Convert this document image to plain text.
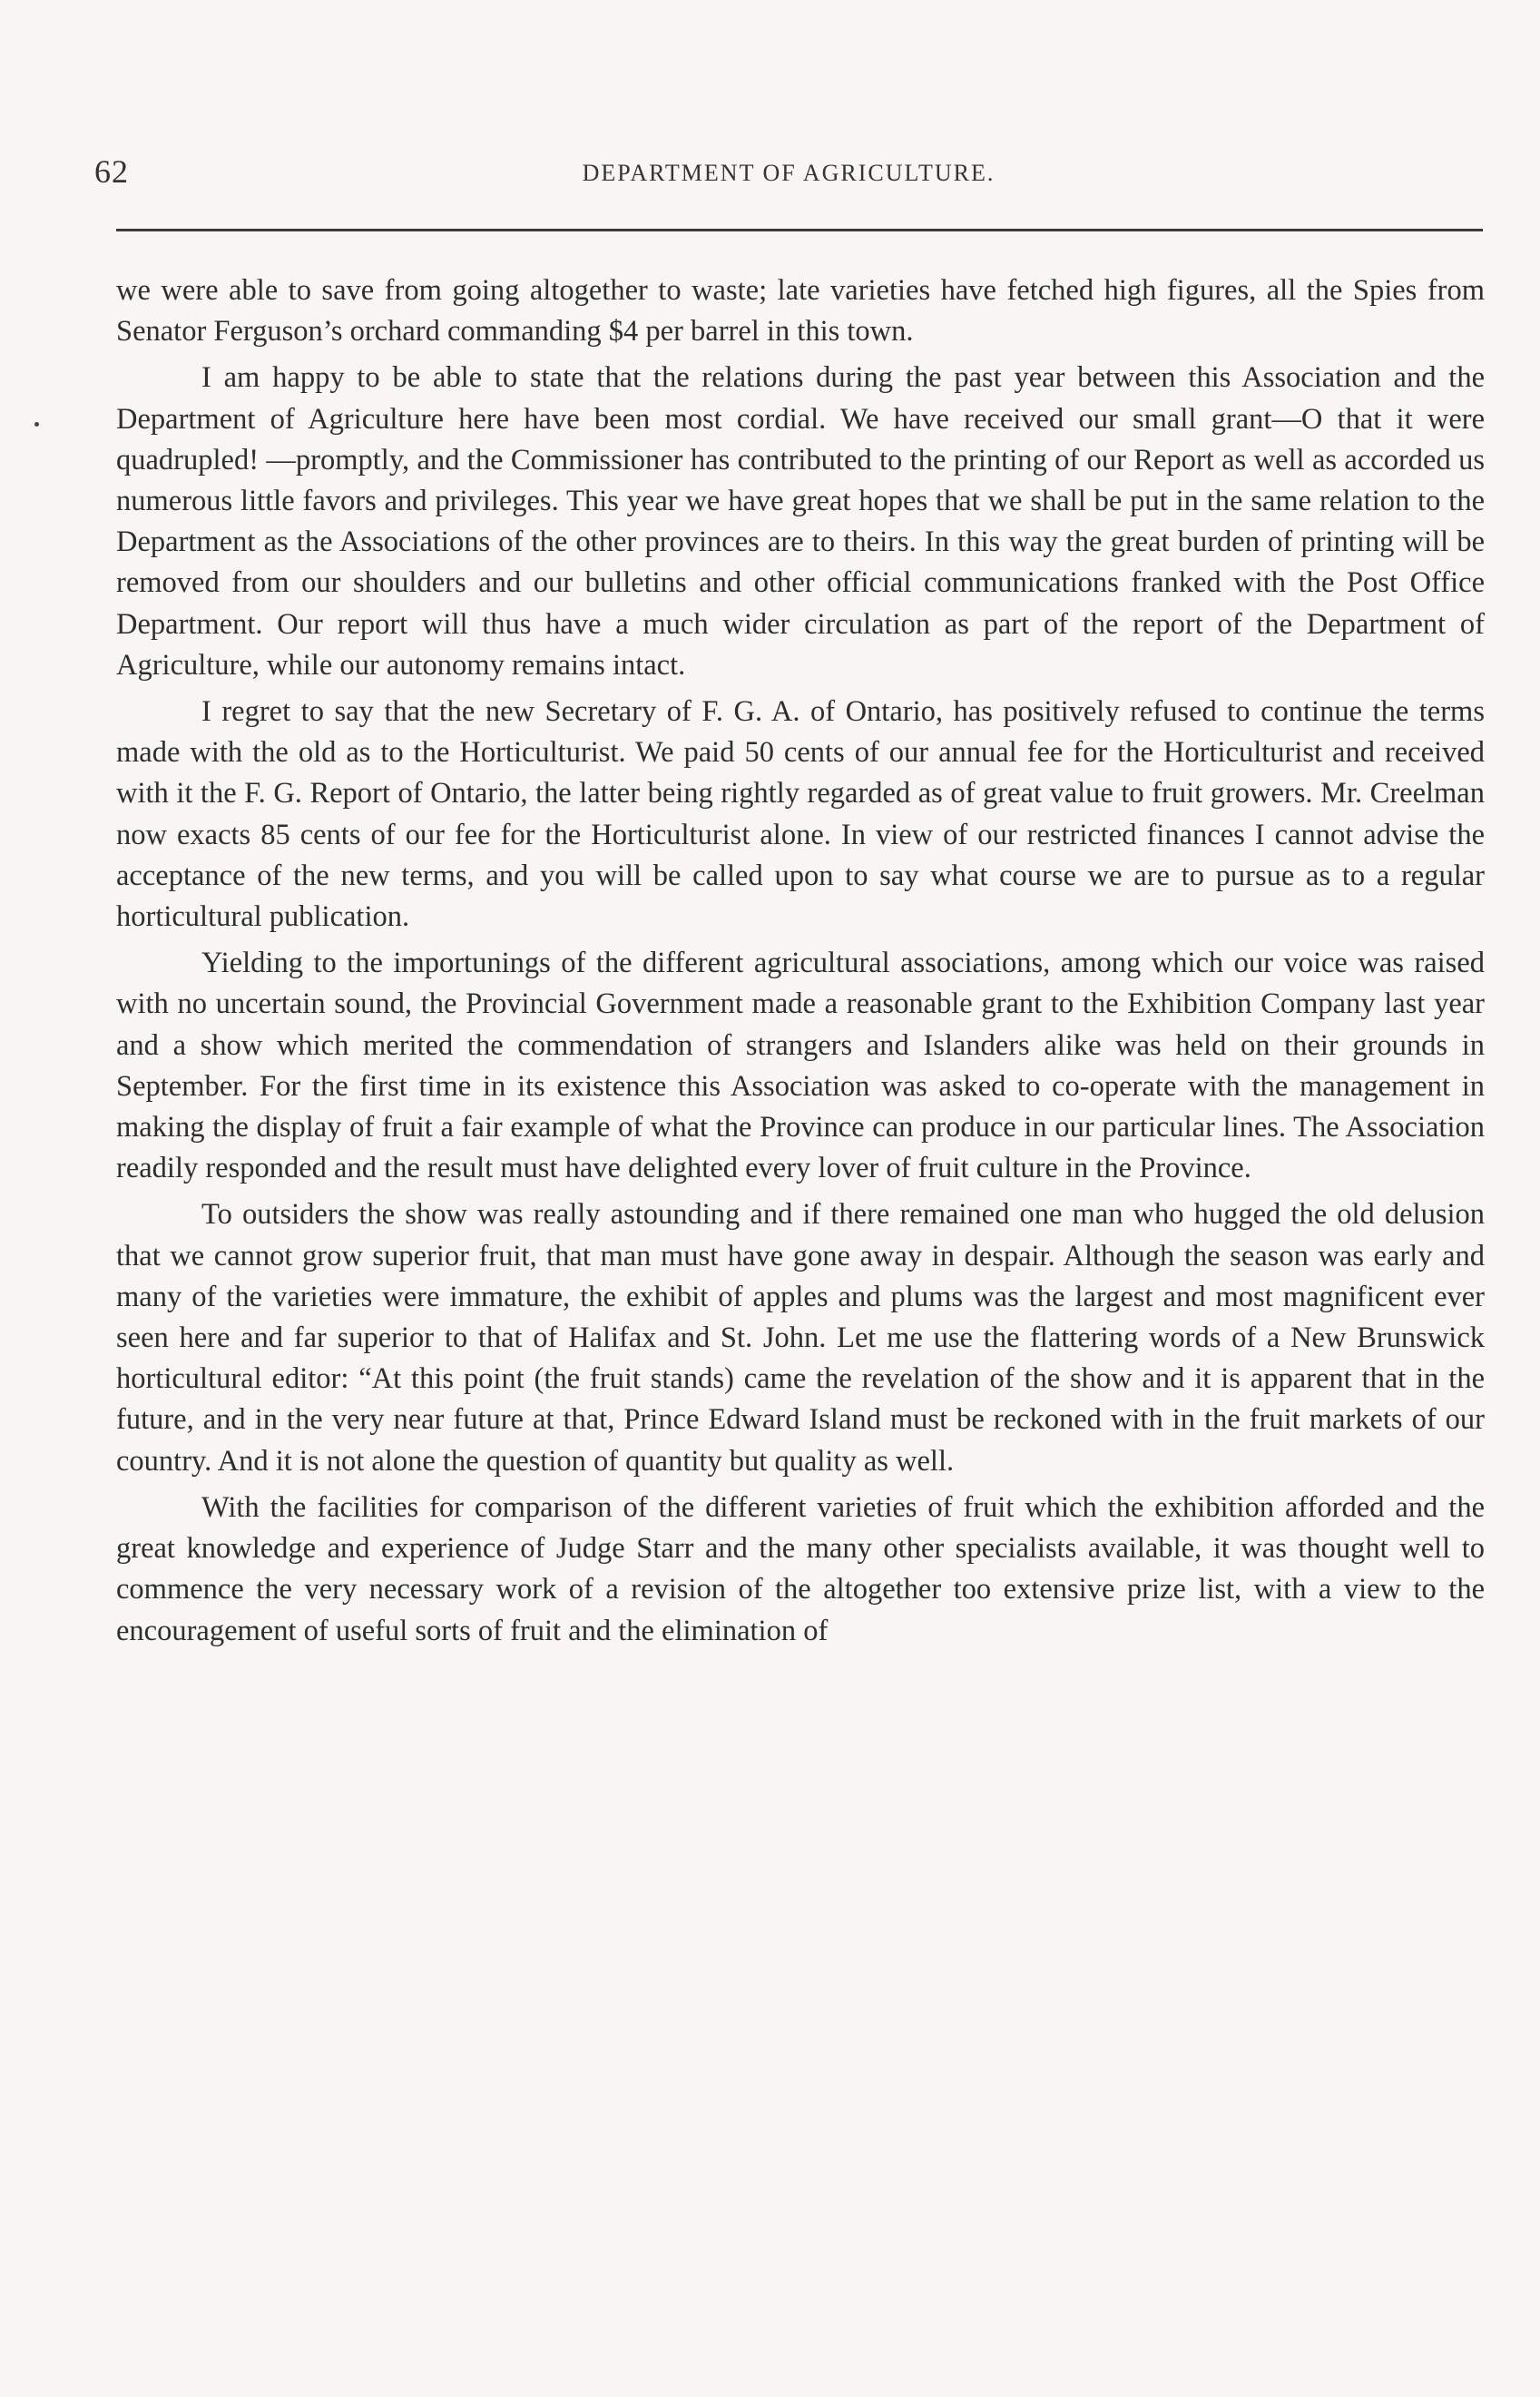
62	DEPARTMENT OF AGRICULTURE.

we were able to save from going altogether to waste; late varieties have fetched high figures, all the Spies from Senator Ferguson’s orchard commanding $4 per barrel in this town.

I am happy to be able to state that the relations during the past year between this Association and the Department of Agriculture here have been most cordial. We have received our small grant—O that it were quadrupled! —promptly, and the Commissioner has contributed to the printing of our Report as well as accorded us numerous little favors and privileges. This year we have great hopes that we shall be put in the same relation to the Department as the Associations of the other provinces are to theirs. In this way the great burden of printing will be removed from our shoulders and our bulletins and other official communications franked with the Post Office Department. Our report will thus have a much wider circulation as part of the report of the Department of Agriculture, while our autonomy remains intact.

I regret to say that the new Secretary of F. G. A. of Ontario, has positively refused to continue the terms made with the old as to the Horticulturist. We paid 50 cents of our annual fee for the Horticulturist and received with it the F. G. Report of Ontario, the latter being rightly regarded as of great value to fruit growers. Mr. Creelman now exacts 85 cents of our fee for the Horticulturist alone. In view of our restricted finances I cannot advise the acceptance of the new terms, and you will be called upon to say what course we are to pursue as to a regular horticultural publication.

Yielding to the importunings of the different agricultural associations, among which our voice was raised with no uncertain sound, the Provincial Government made a reasonable grant to the Exhibition Company last year and a show which merited the commendation of strangers and Islanders alike was held on their grounds in September. For the first time in its existence this Association was asked to co-operate with the management in making the display of fruit a fair example of what the Province can produce in our particular lines. The Association readily responded and the result must have delighted every lover of fruit culture in the Province.

To outsiders the show was really astounding and if there remained one man who hugged the old delusion that we cannot grow superior fruit, that man must have gone away in despair. Although the season was early and many of the varieties were immature, the exhibit of apples and plums was the largest and most magnificent ever seen here and far superior to that of Halifax and St. John. Let me use the flattering words of a New Brunswick horticultural editor: “At this point (the fruit stands) came the revelation of the show and it is apparent that in the future, and in the very near future at that, Prince Edward Island must be reckoned with in the fruit markets of our country. And it is not alone the question of quantity but quality as well.

With the facilities for comparison of the different varieties of fruit which the exhibition afforded and the great knowledge and experience of Judge Starr and the many other specialists available, it was thought well to commence the very necessary work of a revision of the altogether too extensive prize list, with a view to the encouragement of useful sorts of fruit and the elimination of
